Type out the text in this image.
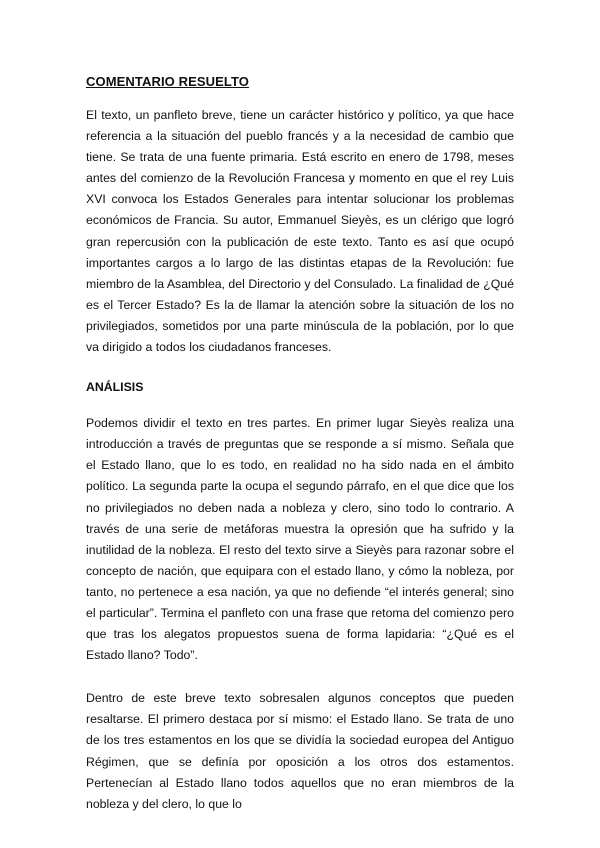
COMENTARIO RESUELTO

El texto, un panfleto breve, tiene un carácter histórico y político, ya que hace referencia a la situación del pueblo francés y a la necesidad de cambio que tiene. Se trata de una fuente primaria. Está escrito en enero de 1798, meses antes del comienzo de la Revolución Francesa y momento en que el rey Luis XVI convoca los Estados Generales para intentar solucionar los problemas económicos de Francia. Su autor, Emmanuel Sieyès, es un clérigo que logró gran repercusión con la publicación de este texto. Tanto es así que ocupó importantes cargos a lo largo de las distintas etapas de la Revolución: fue miembro de la Asamblea, del Directorio y del Consulado. La finalidad de ¿Qué es el Tercer Estado? Es la de llamar la atención sobre la situación de los no privilegiados, sometidos por una parte minúscula de la población, por lo que va dirigido a todos los ciudadanos franceses.

ANÁLISIS

Podemos dividir el texto en tres partes. En primer lugar Sieyès realiza una introducción a través de preguntas que se responde a sí mismo. Señala que el Estado llano, que lo es todo, en realidad no ha sido nada en el ámbito político. La segunda parte la ocupa el segundo párrafo, en el que dice que los no privilegiados no deben nada a nobleza y clero, sino todo lo contrario. A través de una serie de metáforas muestra la opresión que ha sufrido y la inutilidad de la nobleza. El resto del texto sirve a Sieyès para razonar sobre el concepto de nación, que equipara con el estado llano, y cómo la nobleza, por tanto, no pertenece a esa nación, ya que no defiende “el interés general; sino el particular”. Termina el panfleto con una frase que retoma del comienzo pero que tras los alegatos propuestos suena de forma lapidaria: “¿Qué es el Estado llano? Todo”.

Dentro de este breve texto sobresalen algunos conceptos que pueden resaltarse. El primero destaca por sí mismo: el Estado llano. Se trata de uno de los tres estamentos en los que se dividía la sociedad europea del Antiguo Régimen, que se definía por oposición a los otros dos estamentos. Pertenecían al Estado llano todos aquellos que no eran miembros de la nobleza y del clero, lo que lo
